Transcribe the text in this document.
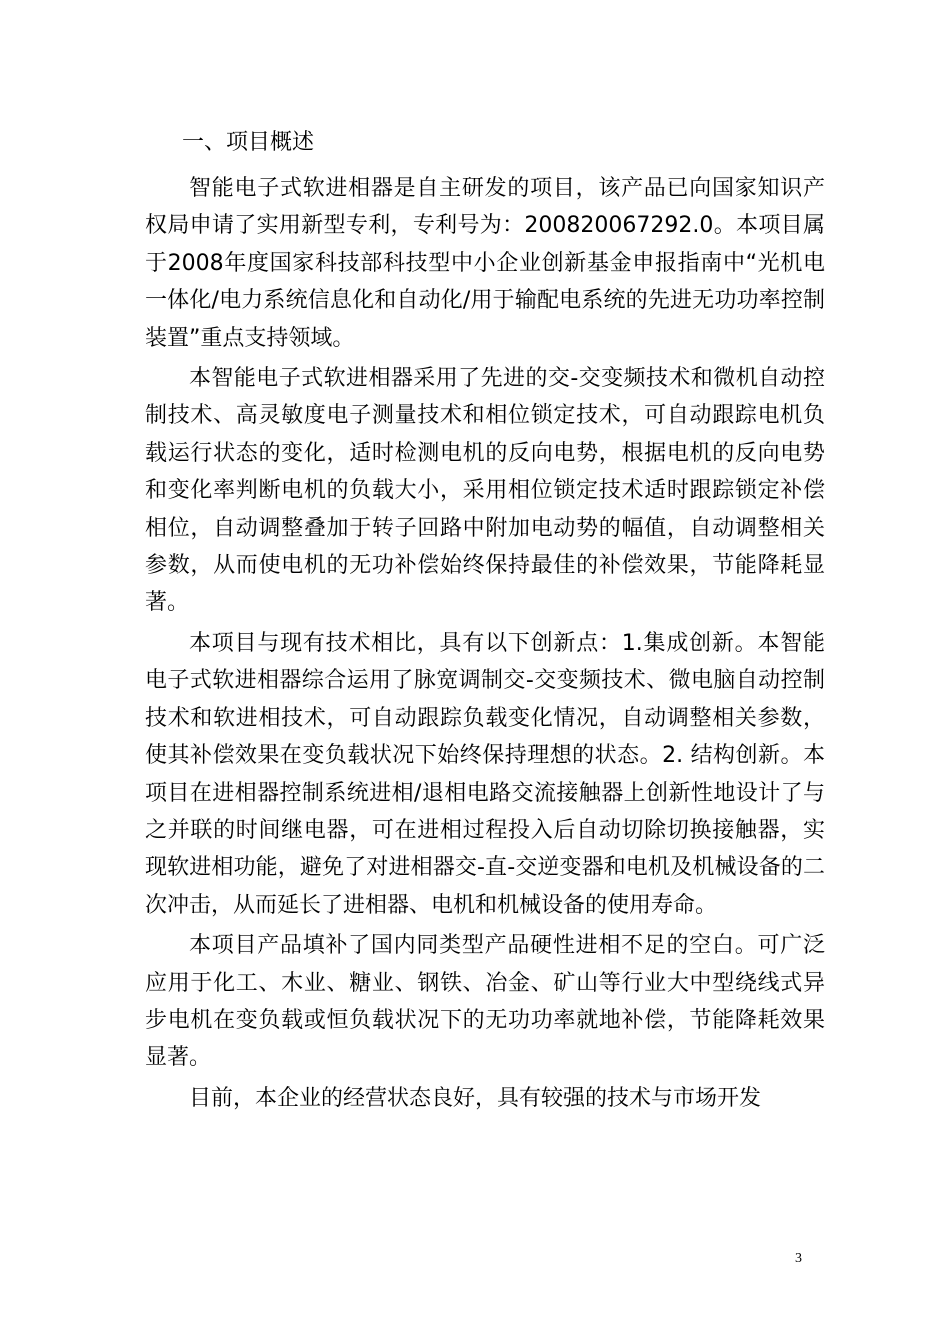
一、项目概述

智能电子式软进相器是自主研发的项目，该产品已向国家知识产权局申请了实用新型专利，专利号为：200820067292.0。本项目属于2008年度国家科技部科技型中小企业创新基金申报指南中“光机电一体化/电力系统信息化和自动化/用于输配电系统的先进无功功率控制装置”重点支持领域。

本智能电子式软进相器采用了先进的交-交变频技术和微机自动控制技术、高灵敏度电子测量技术和相位锁定技术，可自动跟踪电机负载运行状态的变化，适时检测电机的反向电势，根据电机的反向电势和变化率判断电机的负载大小，采用相位锁定技术适时跟踪锁定补偿相位，自动调整叠加于转子回路中附加电动势的幅值，自动调整相关参数，从而使电机的无功补偿始终保持最佳的补偿效果，节能降耗显著。

本项目与现有技术相比，具有以下创新点：1.集成创新。本智能电子式软进相器综合运用了脉宽调制交-交变频技术、微电脑自动控制技术和软进相技术，可自动跟踪负载变化情况，自动调整相关参数，使其补偿效果在变负载状况下始终保持理想的状态。2. 结构创新。本项目在进相器控制系统进相/退相电路交流接触器上创新性地设计了与之并联的时间继电器，可在进相过程投入后自动切除切换接触器，实现软进相功能，避免了对进相器交-直-交逆变器和电机及机械设备的二次冲击，从而延长了进相器、电机和机械设备的使用寿命。

本项目产品填补了国内同类型产品硬性进相不足的空白。可广泛应用于化工、木业、糖业、钢铁、冶金、矿山等行业大中型绕线式异步电机在变负载或恒负载状况下的无功功率就地补偿，节能降耗效果显著。

目前，本企业的经营状态良好，具有较强的技术与市场开发

3
